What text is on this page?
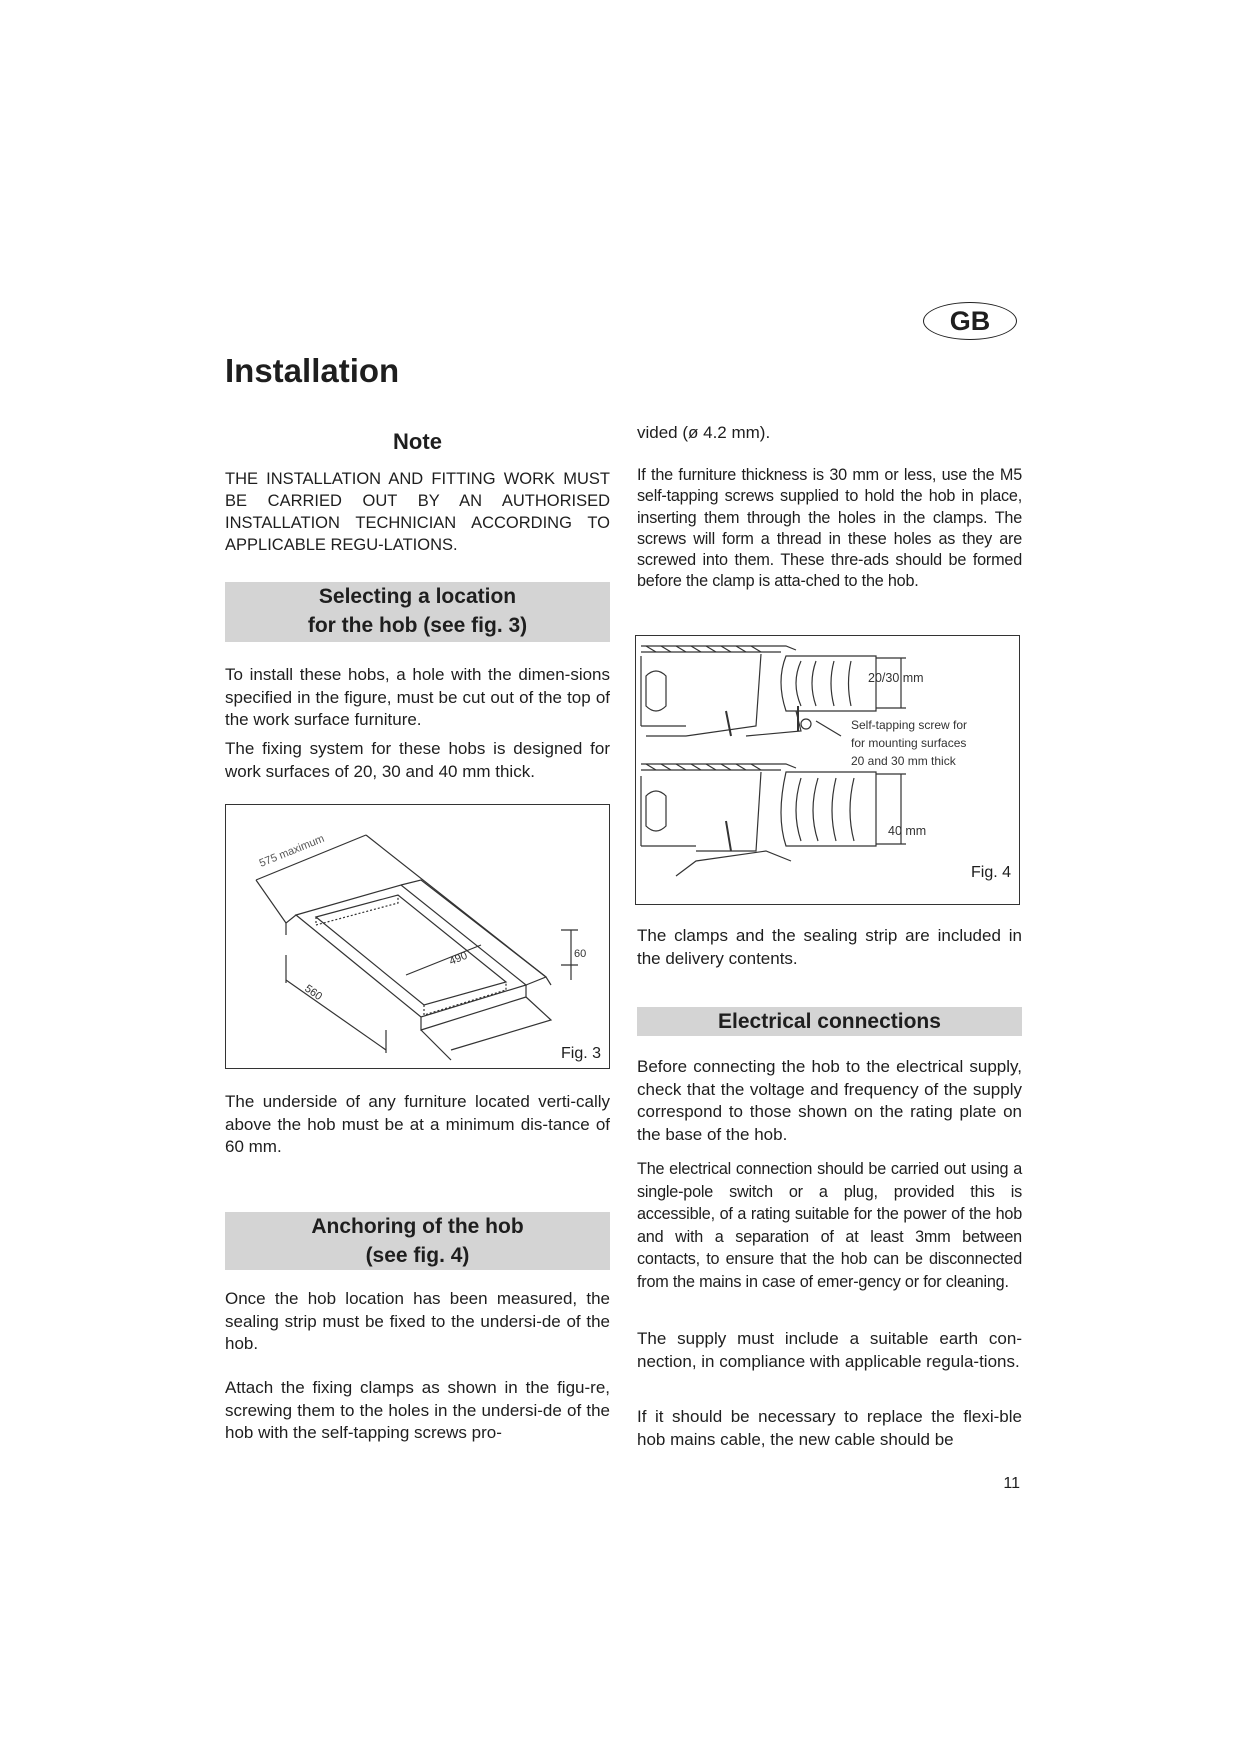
GB
Installation
Note
THE INSTALLATION AND FITTING WORK MUST BE CARRIED OUT BY AN AUTHORISED INSTALLATION TECHNICIAN ACCORDING TO APPLICABLE REGU-LATIONS.
Selecting a location
for the hob (see fig. 3)
To install these hobs, a hole with the dimen-sions specified in the figure, must be cut out of the top of the work surface furniture.
The fixing system for these hobs is designed for work surfaces of 20, 30 and 40 mm thick.
575 maximum
490
560
60
Fig. 3
The underside of any furniture located verti-cally above the hob must be at a minimum dis-tance of 60 mm.
Anchoring of the hob
(see fig. 4)
Once the hob location has been measured, the sealing strip must be fixed to the undersi-de of the hob.
Attach the fixing clamps as shown in the figu-re, screwing them to the holes in the undersi-de of the hob with the self-tapping screws pro-
vided (ø 4.2 mm).
If the furniture thickness is 30 mm or less, use the M5 self-tapping screws supplied to hold the hob in place, inserting them through the holes in the clamps. The screws will form a thread in these holes as they are screwed into them. These thre-ads should be formed before the clamp is atta-ched to the hob.
20/30 mm
Self-tapping screw for
for mounting surfaces
20 and 30 mm thick
40 mm
Fig. 4
The clamps and the sealing strip are included in the delivery contents.
Electrical connections
Before connecting the hob to the electrical supply, check that the voltage and frequency of the supply correspond to those shown on the rating plate on the base of the hob.
The electrical connection should be carried out using a single-pole switch or a plug, provided this is accessible, of a rating suitable for the power of the hob and with a separation of at least 3mm between contacts, to ensure that the hob can be disconnected from the mains in case of emer-gency or for cleaning.
The supply must include a suitable earth con-nection, in compliance with applicable regula-tions.
If it should be necessary to replace the flexi-ble hob mains cable, the new cable should be
11
